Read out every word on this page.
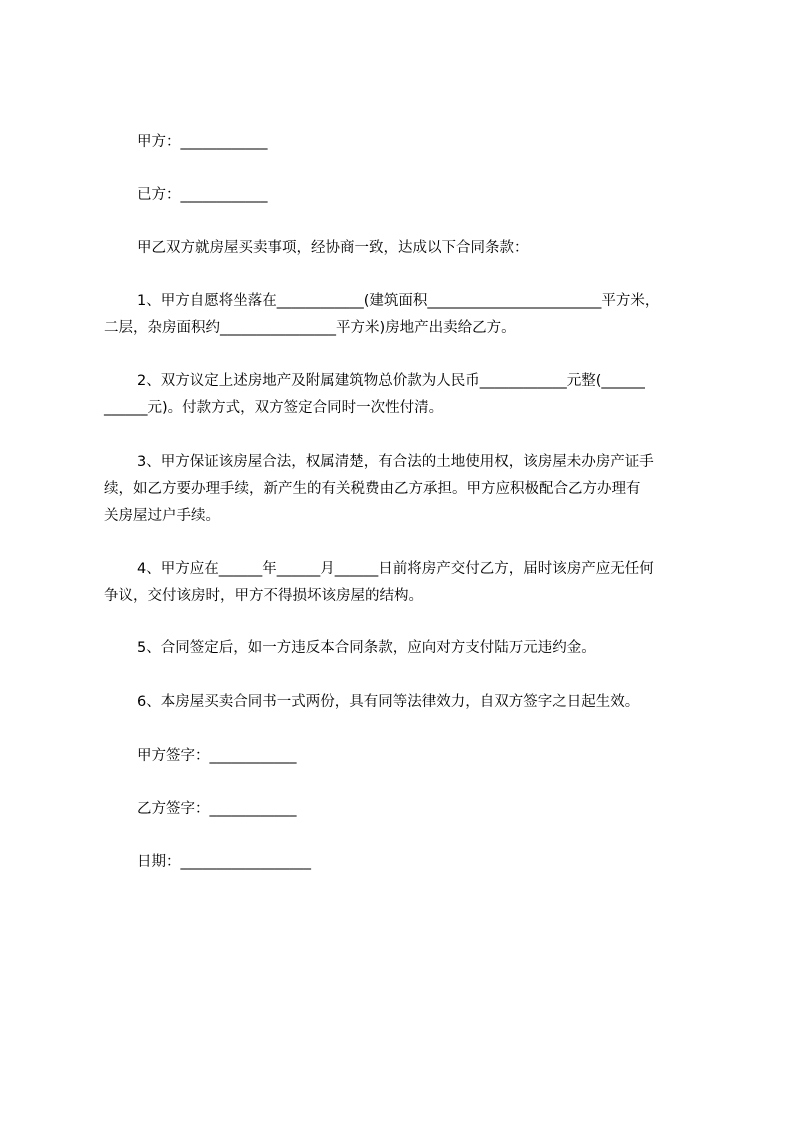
甲方：____________

已方：____________

甲乙双方就房屋买卖事项，经协商一致，达成以下合同条款：

1、甲方自愿将坐落在____________(建筑面积________________________平方米，

二层，杂房面积约________________平方米)房地产出卖给乙方。

2、双方议定上述房地产及附属建筑物总价款为人民币____________元整(______

______元)。付款方式，双方签定合同时一次性付清。

3、甲方保证该房屋合法，权属清楚，有合法的土地使用权，该房屋未办房产证手

续，如乙方要办理手续，新产生的有关税费由乙方承担。甲方应积极配合乙方办理有

关房屋过户手续。

4、甲方应在______年______月______日前将房产交付乙方，届时该房产应无任何

争议，交付该房时，甲方不得损坏该房屋的结构。

5、合同签定后，如一方违反本合同条款，应向对方支付陆万元违约金。

6、本房屋买卖合同书一式两份，具有同等法律效力，自双方签字之日起生效。

甲方签字：____________

乙方签字：____________

日期：__________________
